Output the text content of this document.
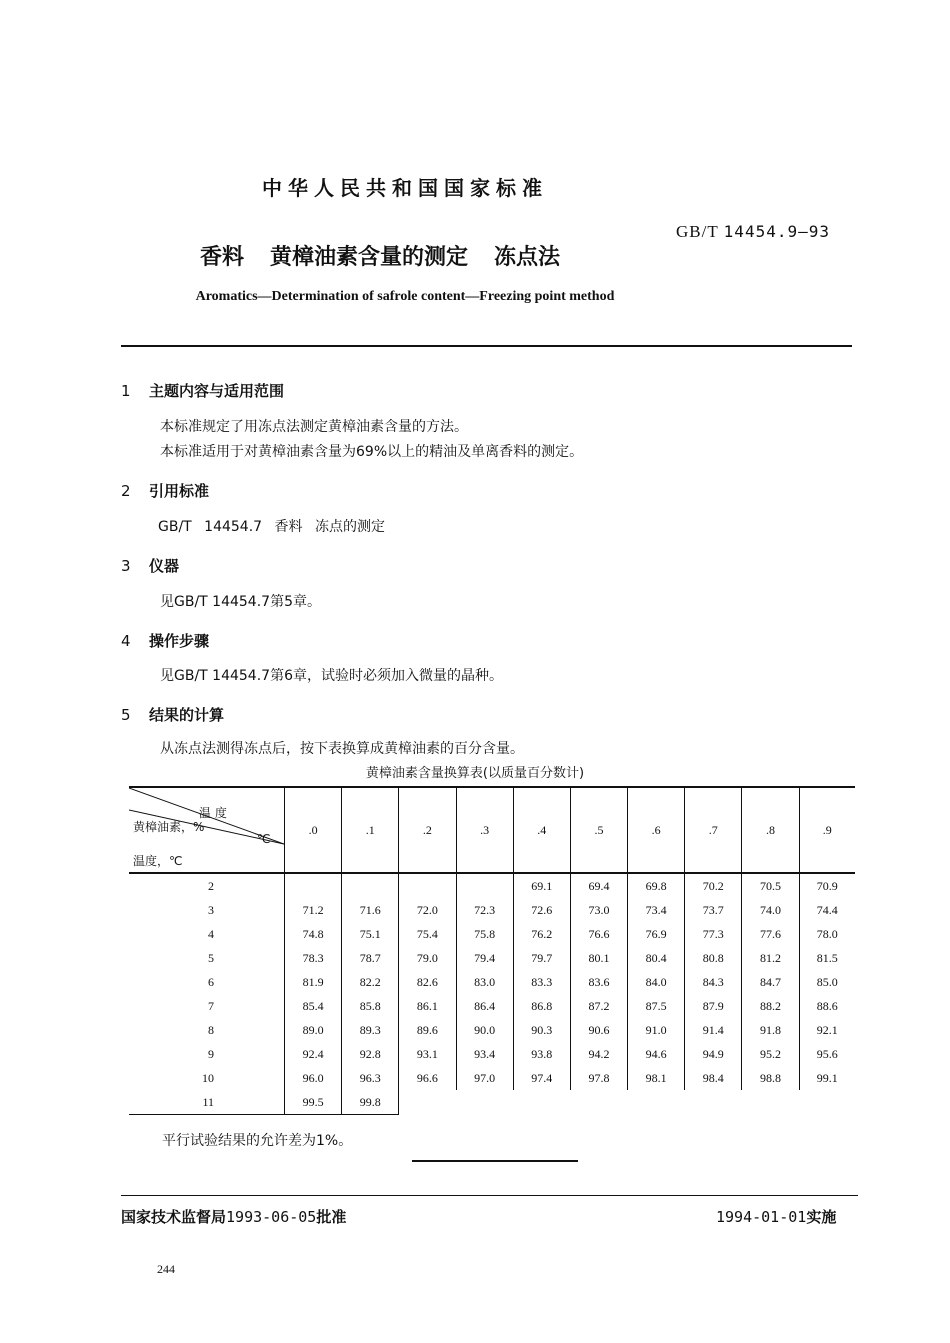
中华人民共和国国家标准
GB/T 14454.9—93
香料 黄樟油素含量的测定 冻点法
Aromatics—Determination of safrole content—Freezing point method
1 主题内容与适用范围
本标准规定了用冻点法测定黄樟油素含量的方法。
本标准适用于对黄樟油素含量为69%以上的精油及单离香料的测定。
2 引用标准
GB/T 14454.7 香料 冻点的测定
3 仪器
见GB/T 14454.7第5章。
4 操作步骤
见GB/T 14454.7第6章，试验时必须加入微量的晶种。
5 结果的计算
从冻点法测得冻点后，按下表换算成黄樟油素的百分含量。
黄樟油素含量换算表(以质量百分数计)
温 度
℃
黄樟油素，%
温度，℃	.0	.1	.2	.3	.4	.5	.6	.7	.8	.9
2					69.1	69.4	69.8	70.2	70.5	70.9
3	71.2	71.6	72.0	72.3	72.6	73.0	73.4	73.7	74.0	74.4
4	74.8	75.1	75.4	75.8	76.2	76.6	76.9	77.3	77.6	78.0
5	78.3	78.7	79.0	79.4	79.7	80.1	80.4	80.8	81.2	81.5
6	81.9	82.2	82.6	83.0	83.3	83.6	84.0	84.3	84.7	85.0
7	85.4	85.8	86.1	86.4	86.8	87.2	87.5	87.9	88.2	88.6
8	89.0	89.3	89.6	90.0	90.3	90.6	91.0	91.4	91.8	92.1
9	92.4	92.8	93.1	93.4	93.8	94.2	94.6	94.9	95.2	95.6
10	96.0	96.3	96.6	97.0	97.4	97.8	98.1	98.4	98.8	99.1
11	99.5	99.8								
平行试验结果的允许差为1%。
国家技术监督局1993-06-05批准	1994-01-01实施
244
